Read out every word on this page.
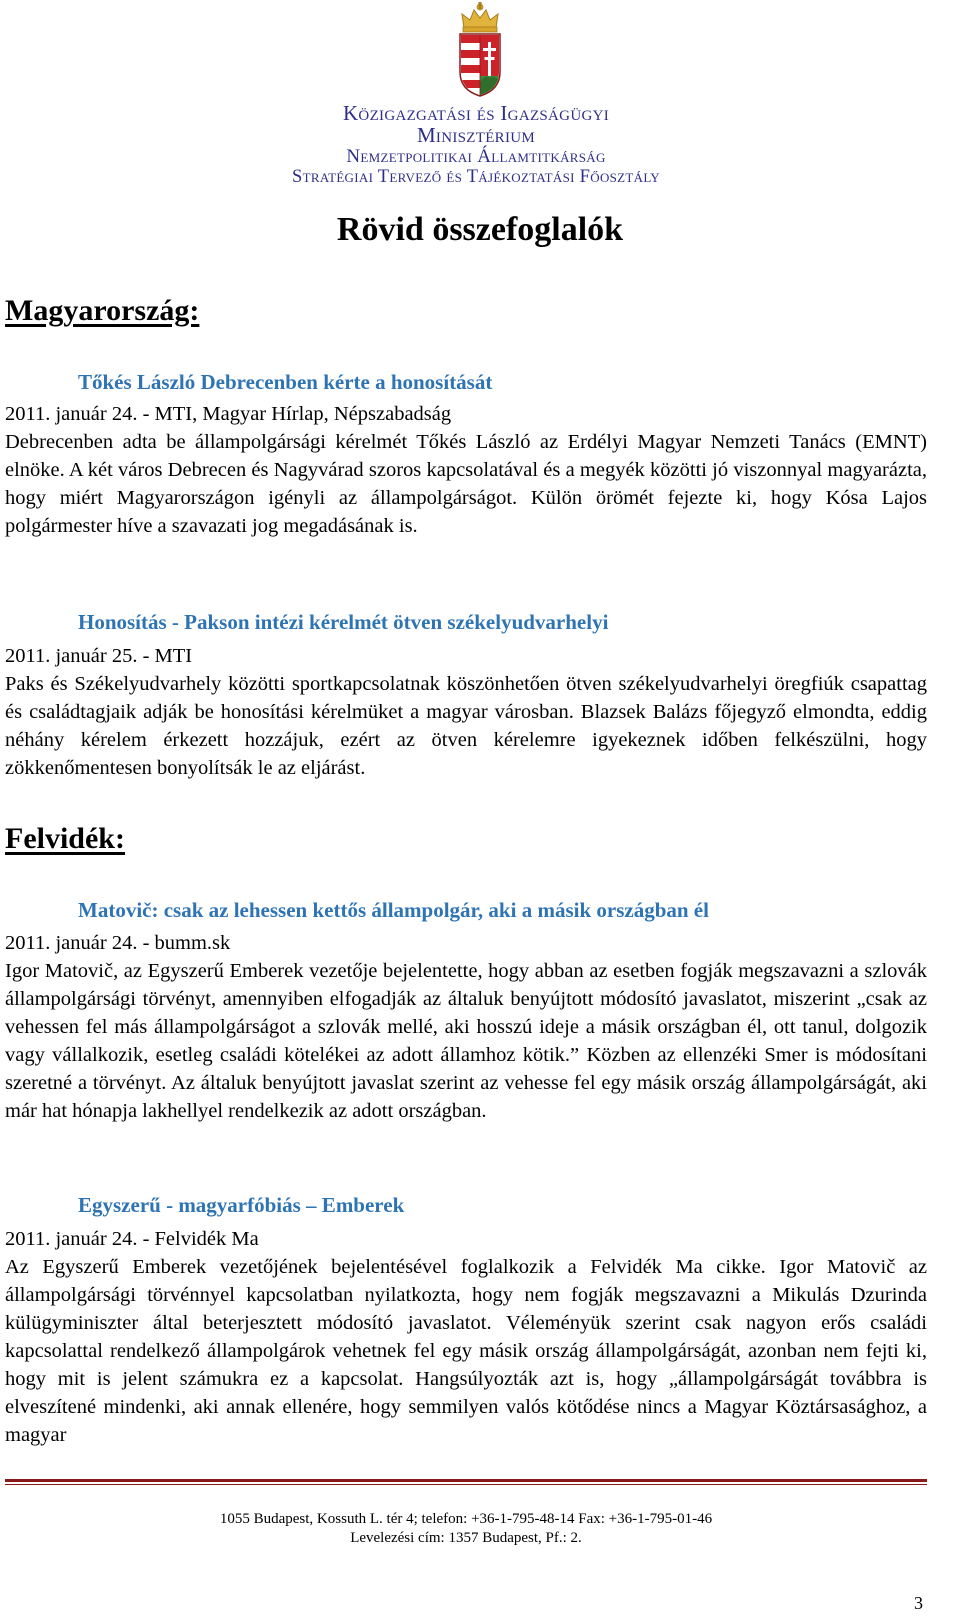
Közigazgatási és Igazságügyi
Minisztérium
Nemzetpolitikai Államtitkárság
Stratégiai Tervező és Tájékoztatási Főosztály
Rövid összefoglalók
Magyarország:
Tőkés László Debrecenben kérte a honosítását
2011. január 24. - MTI, Magyar Hírlap, Népszabadság

Debrecenben adta be állampolgársági kérelmét Tőkés László az Erdélyi Magyar Nemzeti Tanács (EMNT) elnöke. A két város Debrecen és Nagyvárad szoros kapcsolatával és a megyék közötti jó viszonnyal magyarázta, hogy miért Magyarországon igényli az állampolgárságot. Külön örömét fejezte ki, hogy Kósa Lajos polgármester híve a szavazati jog megadásának is.

Honosítás - Pakson intézi kérelmét ötven székelyudvarhelyi
2011. január 25. - MTI

Paks és Székelyudvarhely közötti sportkapcsolatnak köszönhetően ötven székelyudvarhelyi öregfiúk csapattag és családtagjaik adják be honosítási kérelmüket a magyar városban. Blazsek Balázs főjegyző elmondta, eddig néhány kérelem érkezett hozzájuk, ezért az ötven kérelemre igyekeznek időben felkészülni, hogy zökkenőmentesen bonyolítsák le az eljárást.

Felvidék:
Matovič: csak az lehessen kettős állampolgár, aki a másik országban él
2011. január 24. - bumm.sk

Igor Matovič, az Egyszerű Emberek vezetője bejelentette, hogy abban az esetben fogják megszavazni a szlovák állampolgársági törvényt, amennyiben elfogadják az általuk benyújtott módosító javaslatot, miszerint „csak az vehessen fel más állampolgárságot a szlovák mellé, aki hosszú ideje a másik országban él, ott tanul, dolgozik vagy vállalkozik, esetleg családi kötelékei az adott államhoz kötik.” Közben az ellenzéki Smer is módosítani szeretné a törvényt. Az általuk benyújtott javaslat szerint az vehesse fel egy másik ország állampolgárságát, aki már hat hónapja lakhellyel rendelkezik az adott országban.

Egyszerű - magyarfóbiás – Emberek
2011. január 24. - Felvidék Ma

Az Egyszerű Emberek vezetőjének bejelentésével foglalkozik a Felvidék Ma cikke. Igor Matovič az állampolgársági törvénnyel kapcsolatban nyilatkozta, hogy nem fogják megszavazni a Mikulás Dzurinda külügyminiszter által beterjesztett módosító javaslatot. Véleményük szerint csak nagyon erős családi kapcsolattal rendelkező állampolgárok vehetnek fel egy másik ország állampolgárságát, azonban nem fejti ki, hogy mit is jelent számukra ez a kapcsolat. Hangsúlyozták azt is, hogy „állampolgárságát továbbra is elveszítené mindenki, aki annak ellenére, hogy semmilyen valós kötődése nincs a Magyar Köztársasághoz, a magyar

1055 Budapest, Kossuth L. tér 4; telefon: +36-1-795-48-14 Fax: +36-1-795-01-46
Levelezési cím: 1357 Budapest, Pf.: 2.
3
